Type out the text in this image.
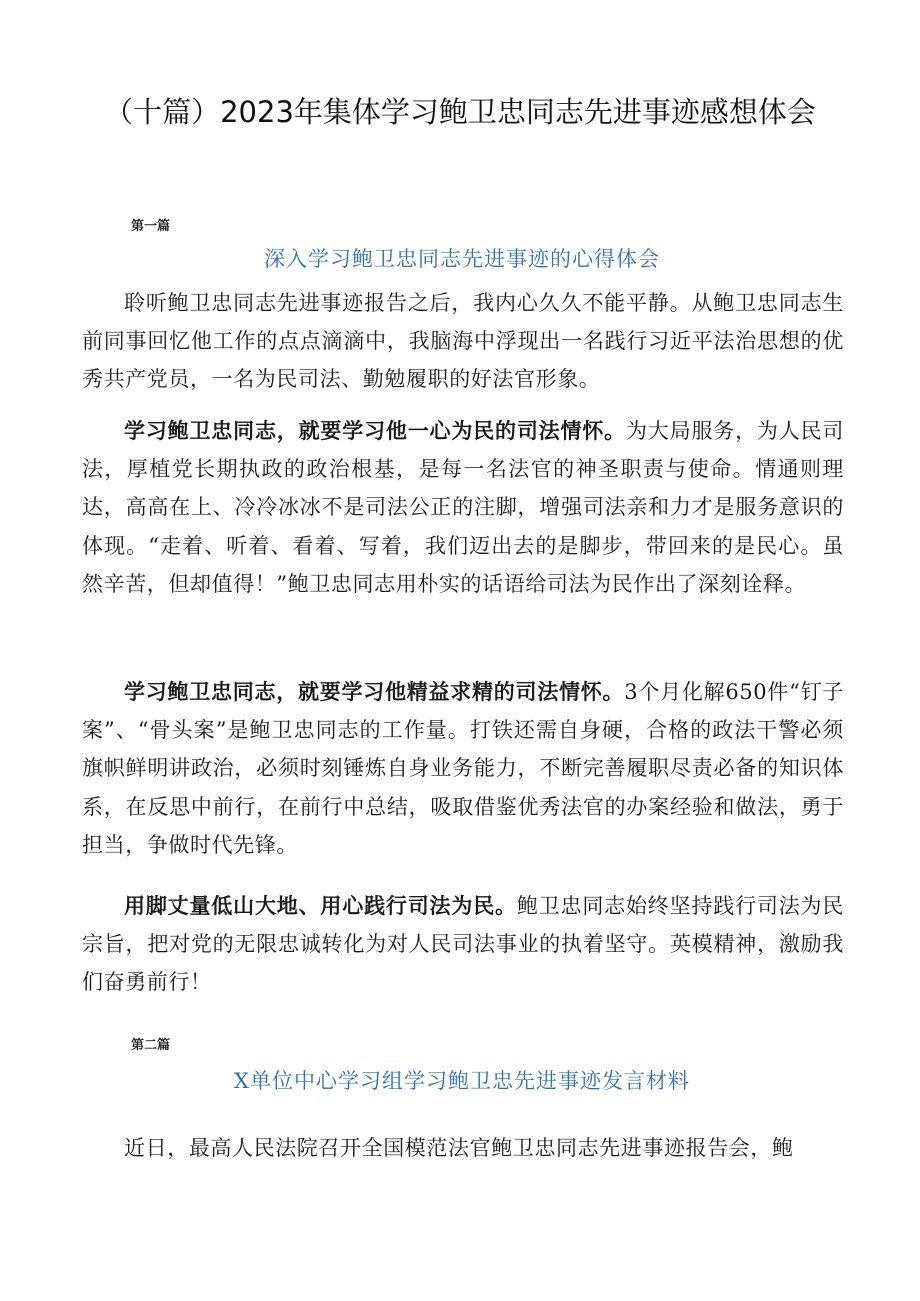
（十篇）2023年集体学习鲍卫忠同志先进事迹感想体会
第一篇
深入学习鲍卫忠同志先进事迹的心得体会

聆听鲍卫忠同志先进事迹报告之后，我内心久久不能平静。从鲍卫忠同志生前同事回忆他工作的点点滴滴中，我脑海中浮现出一名践行习近平法治思想的优秀共产党员，一名为民司法、勤勉履职的好法官形象。

学习鲍卫忠同志，就要学习他一心为民的司法情怀。为大局服务，为人民司法，厚植党长期执政的政治根基，是每一名法官的神圣职责与使命。情通则理达，高高在上、冷冷冰冰不是司法公正的注脚，增强司法亲和力才是服务意识的体现。“走着、听着、看着、写着，我们迈出去的是脚步，带回来的是民心。虽然辛苦，但却值得！”鲍卫忠同志用朴实的话语给司法为民作出了深刻诠释。

学习鲍卫忠同志，就要学习他精益求精的司法情怀。3个月化解650件“钉子案”、“骨头案”是鲍卫忠同志的工作量。打铁还需自身硬，合格的政法干警必须旗帜鲜明讲政治，必须时刻锤炼自身业务能力，不断完善履职尽责必备的知识体系，在反思中前行，在前行中总结，吸取借鉴优秀法官的办案经验和做法，勇于担当，争做时代先锋。

用脚丈量低山大地、用心践行司法为民。鲍卫忠同志始终坚持践行司法为民宗旨，把对党的无限忠诚转化为对人民司法事业的执着坚守。英模精神，激励我们奋勇前行！

第二篇
X单位中心学习组学习鲍卫忠先进事迹发言材料

近日，最高人民法院召开全国模范法官鲍卫忠同志先进事迹报告会，鲍
